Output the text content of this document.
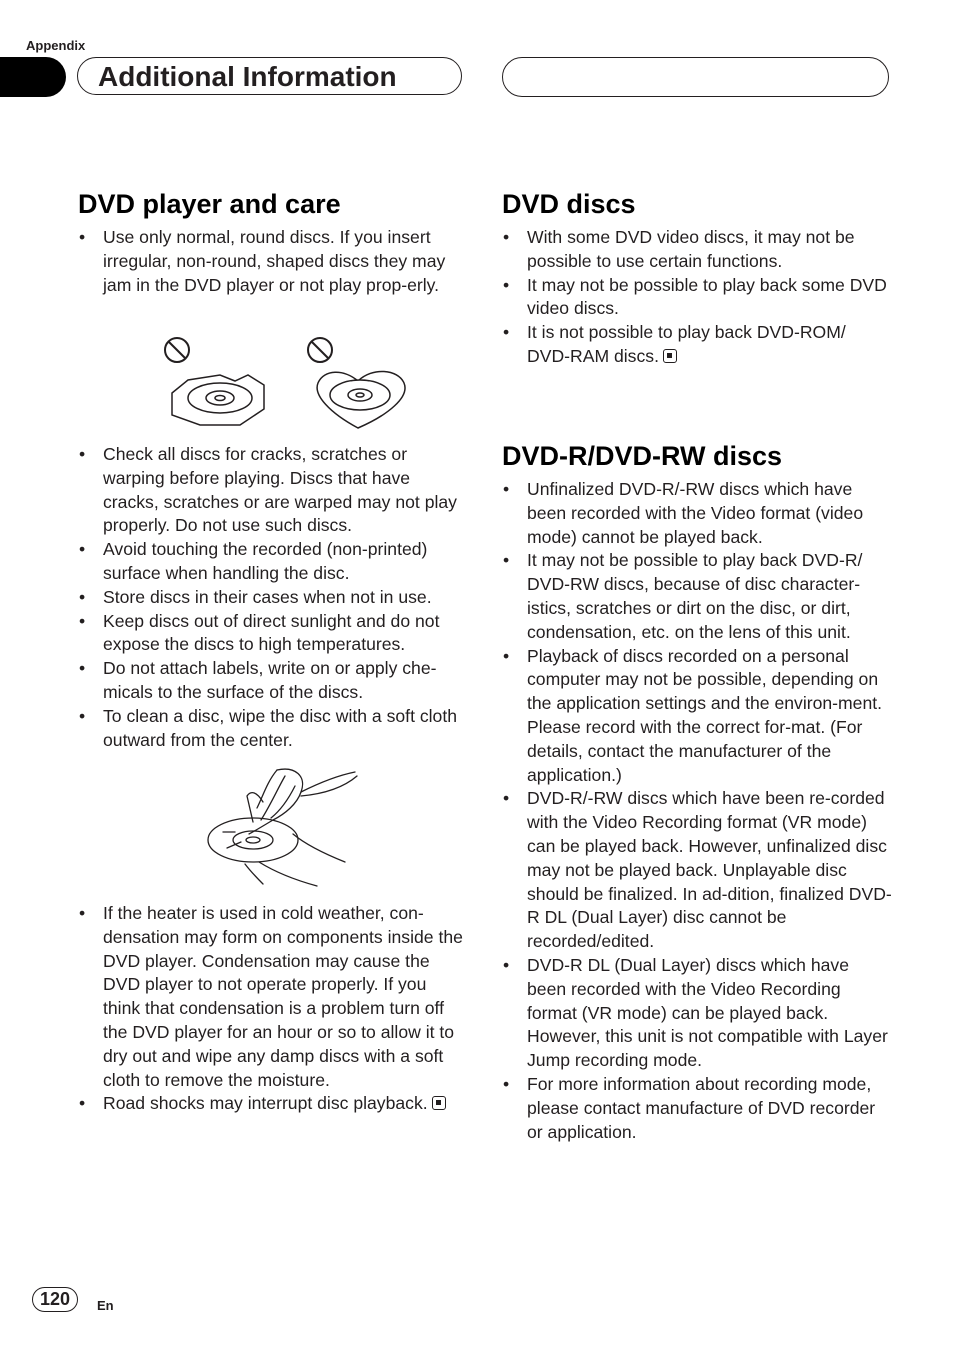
Appendix
Additional Information
DVD player and care
• Use only normal, round discs. If you insert irregular, non-round, shaped discs they may jam in the DVD player or not play prop-erly.
• Check all discs for cracks, scratches or warping before playing. Discs that have cracks, scratches or are warped may not play properly. Do not use such discs.
• Avoid touching the recorded (non-printed) surface when handling the disc.
• Store discs in their cases when not in use.
• Keep discs out of direct sunlight and do not expose the discs to high temperatures.
• Do not attach labels, write on or apply che-micals to the surface of the discs.
• To clean a disc, wipe the disc with a soft cloth outward from the center.
• If the heater is used in cold weather, con-densation may form on components inside the DVD player. Condensation may cause the DVD player to not operate properly. If you think that condensation is a problem turn off the DVD player for an hour or so to allow it to dry out and wipe any damp discs with a soft cloth to remove the moisture.
• Road shocks may interrupt disc playback.
DVD discs
• With some DVD video discs, it may not be possible to use certain functions.
• It may not be possible to play back some DVD video discs.
• It is not possible to play back DVD-ROM/ DVD-RAM discs.
DVD-R/DVD-RW discs
• Unfinalized DVD-R/-RW discs which have been recorded with the Video format (video mode) cannot be played back.
• It may not be possible to play back DVD-R/ DVD-RW discs, because of disc character-istics, scratches or dirt on the disc, or dirt, condensation, etc. on the lens of this unit.
• Playback of discs recorded on a personal computer may not be possible, depending on the application settings and the environ-ment. Please record with the correct for-mat. (For details, contact the manufacturer of the application.)
• DVD-R/-RW discs which have been re-corded with the Video Recording format (VR mode) can be played back. However, unfinalized disc may not be played back. Unplayable disc should be finalized. In ad-dition, finalized DVD-R DL (Dual Layer) disc cannot be recorded/edited.
• DVD-R DL (Dual Layer) discs which have been recorded with the Video Recording format (VR mode) can be played back. However, this unit is not compatible with Layer Jump recording mode.
• For more information about recording mode, please contact manufacture of DVD recorder or application.
120	En
